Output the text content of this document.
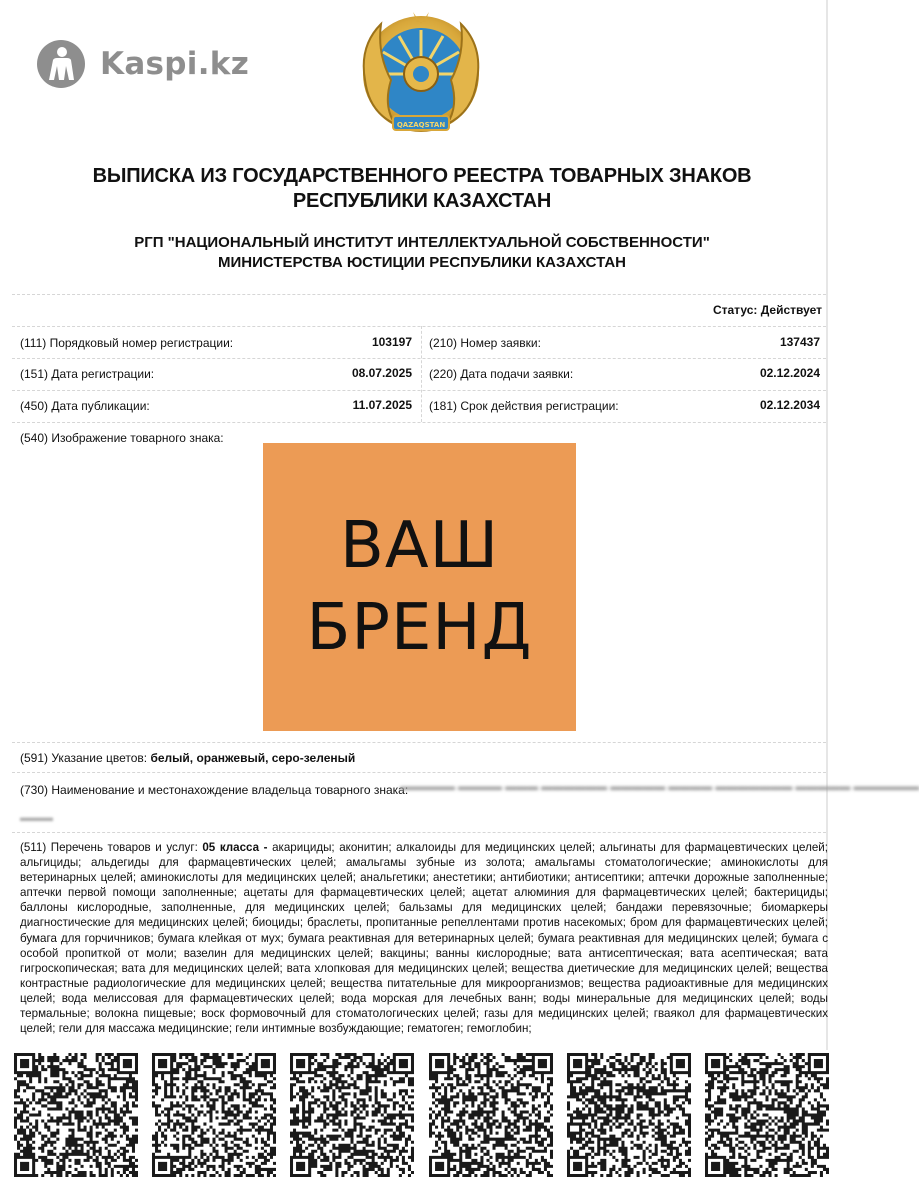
Kaspi.kz
QAZAQSTAN
ВЫПИСКА ИЗ ГОСУДАРСТВЕННОГО РЕЕСТРА ТОВАРНЫХ ЗНАКОВ
РЕСПУБЛИКИ КАЗАХСТАН
РГП "НАЦИОНАЛЬНЫЙ ИНСТИТУТ ИНТЕЛЛЕКТУАЛЬНОЙ СОБСТВЕННОСТИ"
МИНИСТЕРСТВА ЮСТИЦИИ РЕСПУБЛИКИ КАЗАХСТАН
Статус: Действует
(111) Порядковый номер регистрации:	103197 (210) Номер заявки:	137437
(151) Дата регистрации:	08.07.2025 (220) Дата подачи заявки:	02.12.2024
(450) Дата публикации:	11.07.2025 (181) Срок действия регистрации:	02.12.2034
(540) Изображение товарного знака:
ВАШ
БРЕНД
(591) Указание цветов: белый, оранжевый, серо-зеленый
(730) Наименование и местонахождение владельца товарного знака:
▬▬▬▬▬ ▬▬▬▬ ▬▬▬ ▬▬▬▬▬▬ ▬▬▬▬▬ ▬▬▬▬ ▬▬▬▬▬▬▬ ▬▬▬▬▬ ▬▬▬▬▬▬
▬▬▬
(511) Перечень товаров и услуг: 05 класса - акарициды; аконитин; алкалоиды для медицинских целей; альгинаты для фармацевтических целей; альгициды; альдегиды для фармацевтических целей; амальгамы зубные из золота; амальгамы стоматологические; аминокислоты для ветеринарных целей; аминокислоты для медицинских целей; анальгетики; анестетики; антибиотики; антисептики; аптечки дорожные заполненные; аптечки первой помощи заполненные; ацетаты для фармацевтических целей; ацетат алюминия для фармацевтических целей; бактерициды; баллоны кислородные, заполненные, для медицинских целей; бальзамы для медицинских целей; бандажи перевязочные; биомаркеры диагностические для медицинских целей; биоциды; браслеты, пропитанные репеллентами против насекомых; бром для фармацевтических целей; бумага для горчичников; бумага клейкая от мух; бумага реактивная для ветеринарных целей; бумага реактивная для медицинских целей; бумага с особой пропиткой от моли; вазелин для медицинских целей; вакцины; ванны кислородные; вата антисептическая; вата асептическая; вата гигроскопическая; вата для медицинских целей; вата хлопковая для медицинских целей; вещества диетические для медицинских целей; вещества контрастные радиологические для медицинских целей; вещества питательные для микроорганизмов; вещества радиоактивные для медицинских целей; вода мелиссовая для фармацевтических целей; вода морская для лечебных ванн; воды минеральные для медицинских целей; воды термальные; волокна пищевые; воск формовочный для стоматологических целей; газы для медицинских целей; гваякол для фармацевтических целей; гели для массажа медицинские; гели интимные возбуждающие; гематоген; гемоглобин;
